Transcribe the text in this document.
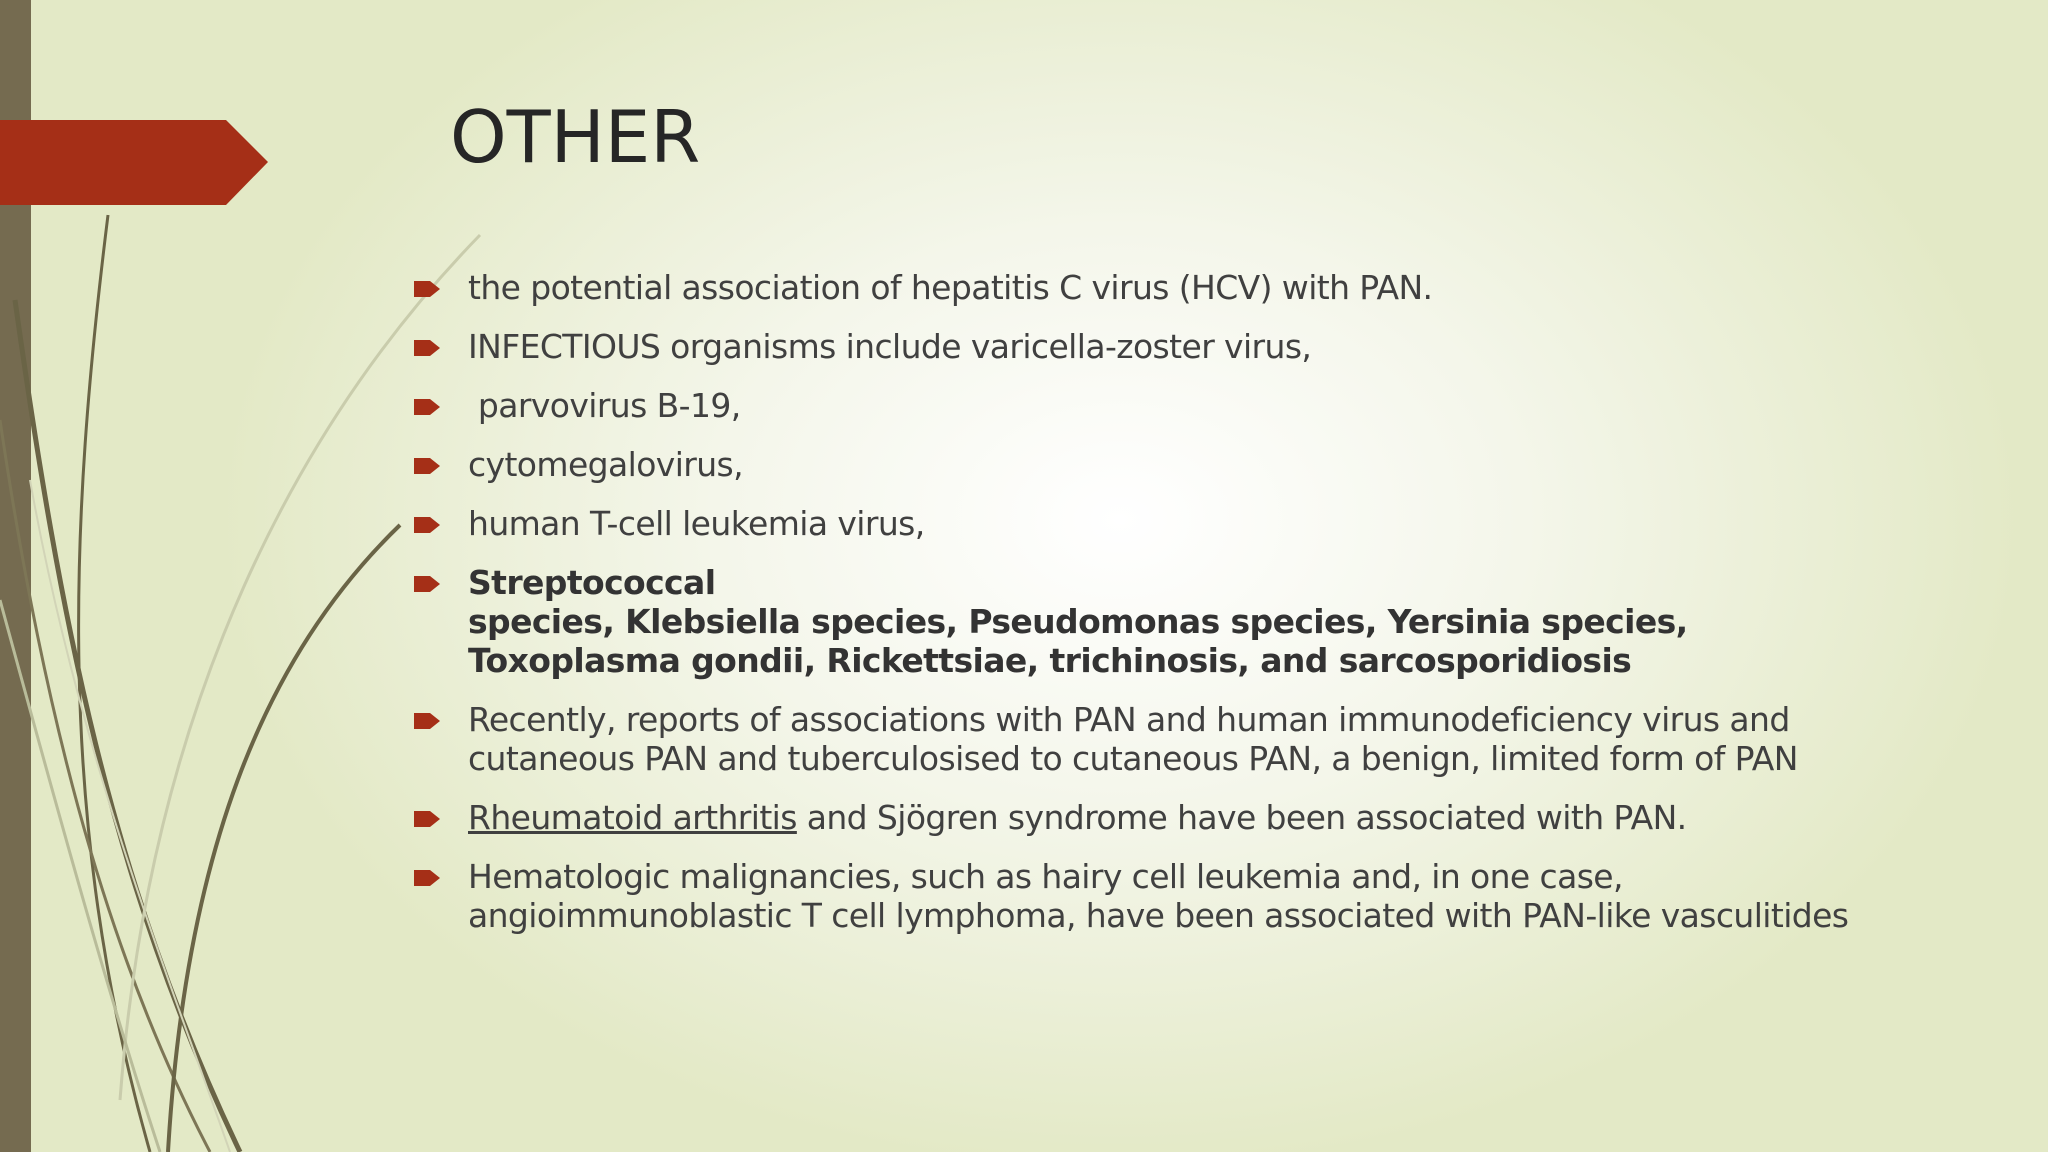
OTHER
the potential association of hepatitis C virus (HCV) with PAN.
INFECTIOUS organisms include varicella-zoster virus,
parvovirus B-19,
cytomegalovirus,
human T-cell leukemia virus,
Streptococcal
species, Klebsiella species, Pseudomonas species, Yersinia species, Toxoplasma gondii, Rickettsiae, trichinosis, and sarcosporidiosis
Recently, reports of associations with PAN and human immunodeficiency virus and cutaneous PAN and tuberculosised to cutaneous PAN, a benign, limited form of PAN
Rheumatoid arthritis and Sjögren syndrome have been associated with PAN.
Hematologic malignancies, such as hairy cell leukemia and, in one case, angioimmunoblastic T cell lymphoma, have been associated with PAN-like vasculitides
